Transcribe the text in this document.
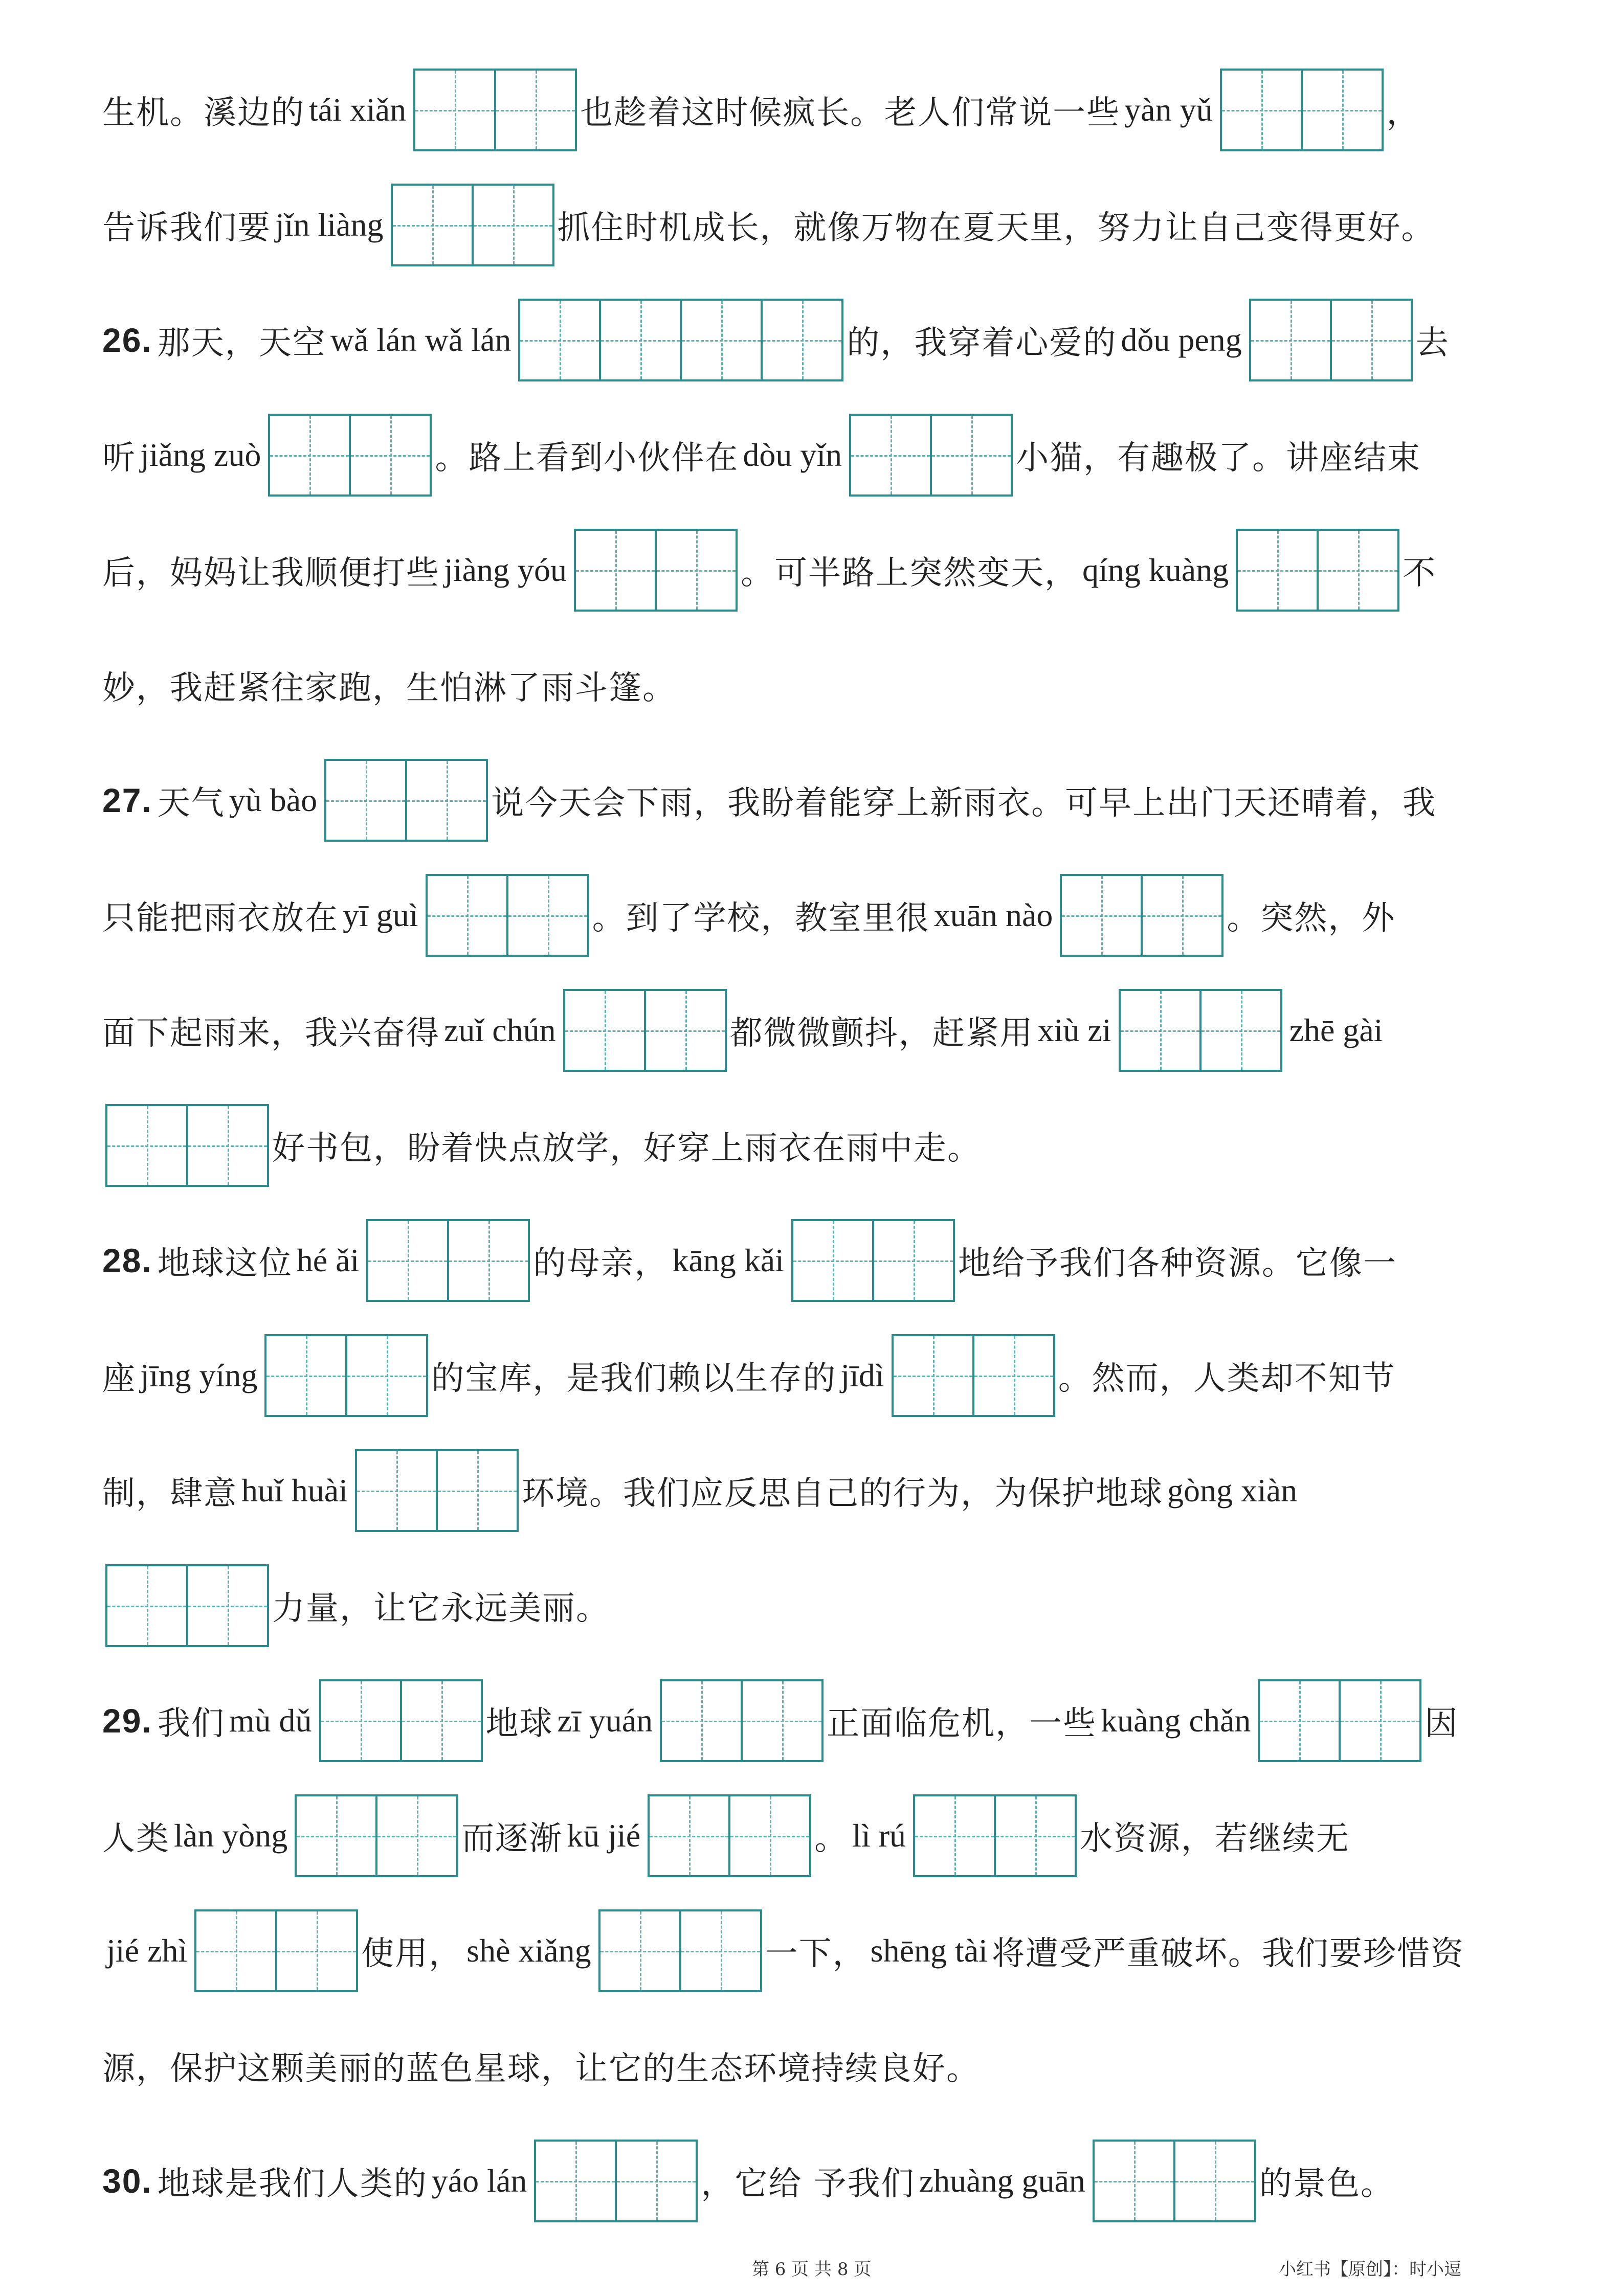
生机。溪边的 tái xiǎn	也趁着这时候疯长。老人们常说一些 yàn yǔ	，
告诉我们要 jǐn liàng	抓住时机成长，就像万物在夏天里，努力让自己变得更好。
26. 那天，天空 wǎ lán wǎ lán	的，我穿着心爱的 dǒu peng	去
听 jiǎng zuò	。路上看到小伙伴在 dòu yǐn	小猫，有趣极了。讲座结束
后，妈妈让我顺便打些 jiàng yóu	。可半路上突然变天， qíng kuàng	不
妙，我赶紧往家跑，生怕淋了雨斗篷。
27. 天气 yù bào	说今天会下雨，我盼着能穿上新雨衣。可早上出门天还晴着，我
只能把雨衣放在 yī guì	。到了学校，教室里很 xuān nào	。突然，外
面下起雨来，我兴奋得 zuǐ chún	都微微颤抖，赶紧用 xiù zi	zhē gài
好书包，盼着快点放学，好穿上雨衣在雨中走。
28. 地球这位 hé ǎi	的母亲， kāng kǎi	地给予我们各种资源。它像一
座 jīng yíng	的宝库，是我们赖以生存的 jīdì	。然而，人类却不知节
制，肆意 huǐ huài	环境。我们应反思自己的行为，为保护地球 gòng xiàn
力量，让它永远美丽。
29. 我们 mù dǔ	地球 zī yuán	正面临危机，一些 kuàng chǎn	因
人类 làn yòng	而逐渐 kū jié	。 lì rú	水资源，若继续无
jié zhì	使用， shè xiǎng	一下， shēng tài 将遭受严重破坏。我们要珍惜资
源，保护这颗美丽的蓝色星球，让它的生态环境持续良好。
30. 地球是我们人类的 yáo lán	，它给 予我们 zhuàng guān	的景色。
第 6 页 共 8 页	小红书【原创】：时小逗
